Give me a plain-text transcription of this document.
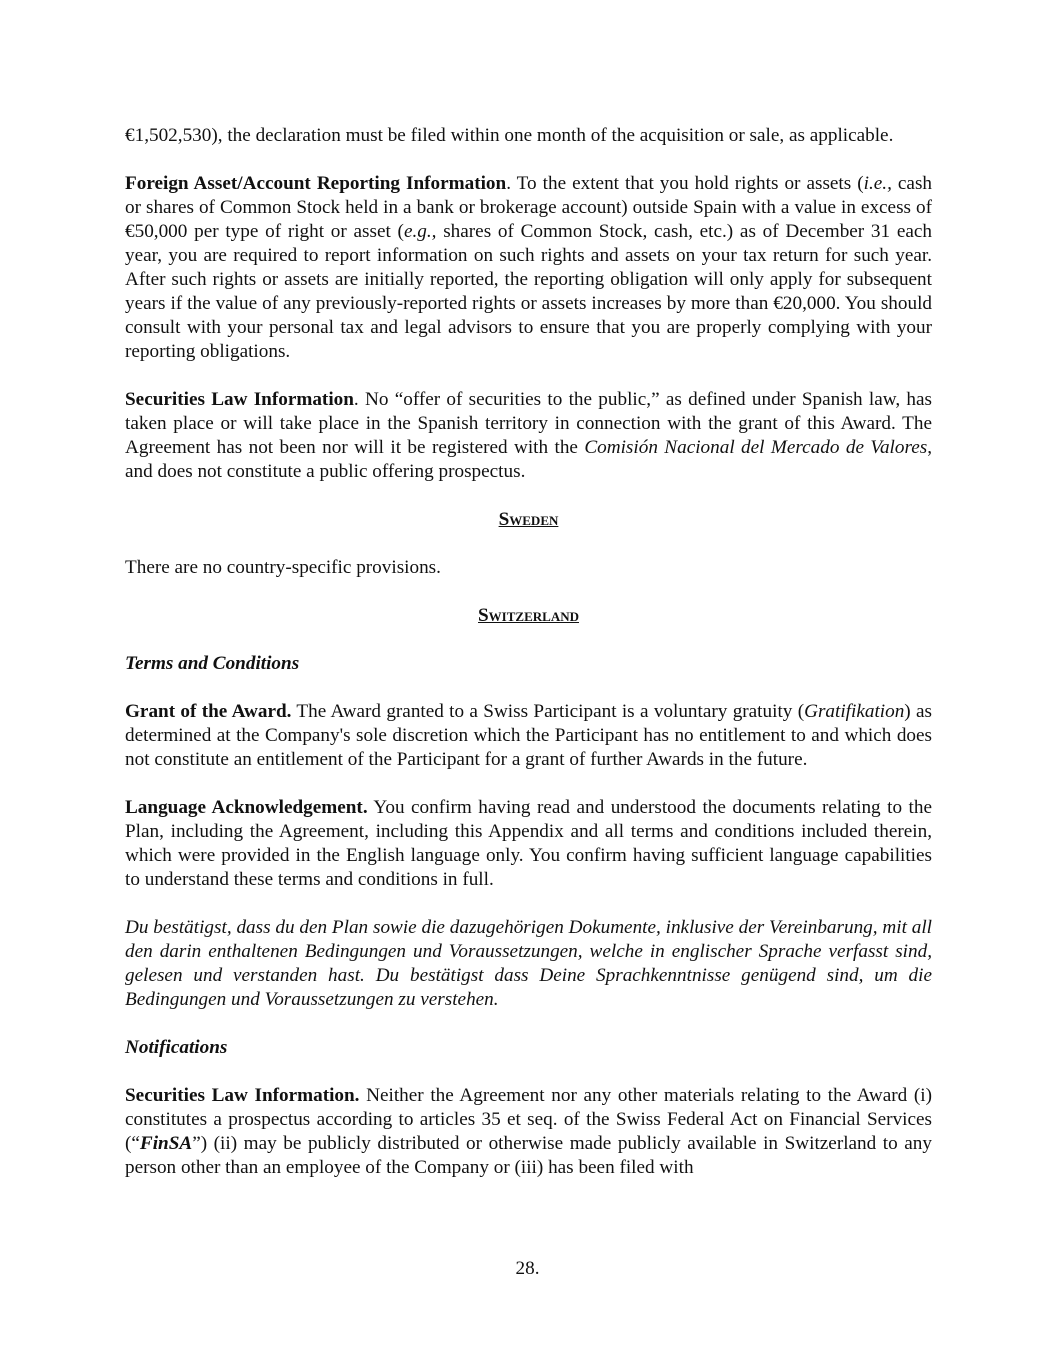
€1,502,530), the declaration must be filed within one month of the acquisition or sale, as applicable.

Foreign Asset/Account Reporting Information. To the extent that you hold rights or assets (i.e., cash or shares of Common Stock held in a bank or brokerage account) outside Spain with a value in excess of €50,000 per type of right or asset (e.g., shares of Common Stock, cash, etc.) as of December 31 each year, you are required to report information on such rights and assets on your tax return for such year. After such rights or assets are initially reported, the reporting obligation will only apply for subsequent years if the value of any previously-reported rights or assets increases by more than €20,000. You should consult with your personal tax and legal advisors to ensure that you are properly complying with your reporting obligations.

Securities Law Information. No “offer of securities to the public,” as defined under Spanish law, has taken place or will take place in the Spanish territory in connection with the grant of this Award. The Agreement has not been nor will it be registered with the Comisión Nacional del Mercado de Valores, and does not constitute a public offering prospectus.

Sweden

There are no country-specific provisions.

Switzerland
Terms and Conditions

Grant of the Award. The Award granted to a Swiss Participant is a voluntary gratuity (Gratifikation) as determined at the Company's sole discretion which the Participant has no entitlement to and which does not constitute an entitlement of the Participant for a grant of further Awards in the future.

Language Acknowledgement. You confirm having read and understood the documents relating to the Plan, including the Agreement, including this Appendix and all terms and conditions included therein, which were provided in the English language only. You confirm having sufficient language capabilities to understand these terms and conditions in full.

Du bestätigst, dass du den Plan sowie die dazugehörigen Dokumente, inklusive der Vereinbarung, mit all den darin enthaltenen Bedingungen und Voraussetzungen, welche in englischer Sprache verfasst sind, gelesen und verstanden hast. Du bestätigst dass Deine Sprachkenntnisse genügend sind, um die Bedingungen und Voraussetzungen zu verstehen.

Notifications

Securities Law Information. Neither the Agreement nor any other materials relating to the Award (i) constitutes a prospectus according to articles 35 et seq. of the Swiss Federal Act on Financial Services (“FinSA”) (ii) may be publicly distributed or otherwise made publicly available in Switzerland to any person other than an employee of the Company or (iii) has been filed with

28.
